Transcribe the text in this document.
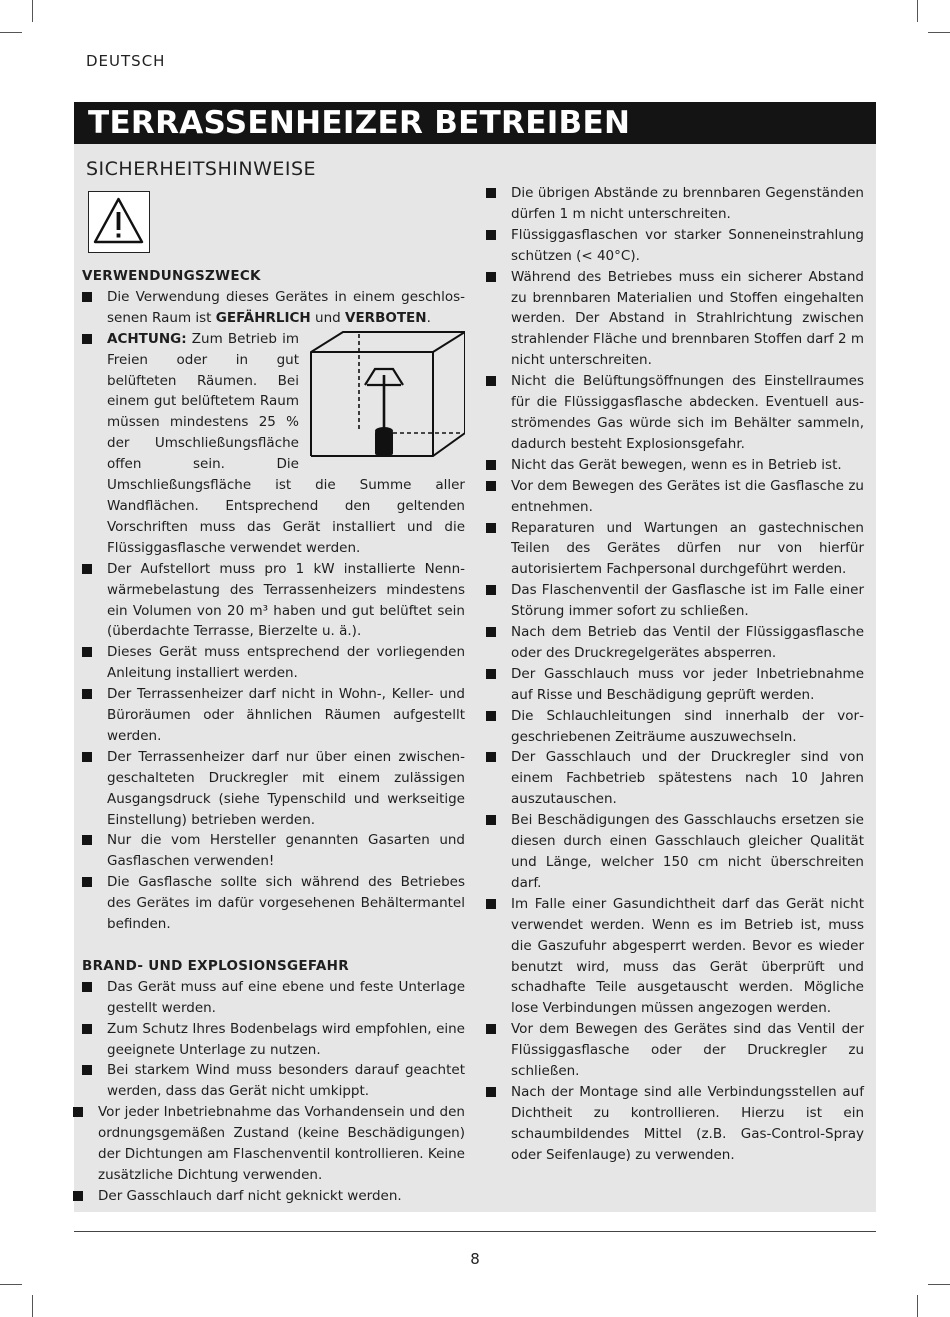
DEUTSCH
TERRASSENHEIZER BETREIBEN
SICHERHEITSHINWEISE

VERWENDUNGSZWECK

Die Verwendung dieses Gerätes in einem geschlossenen Raum ist GEFÄHRLICH und VERBOTEN.

ACHTUNG: Zum Betrieb im Freien oder in gut belüfteten Räumen. Bei einem gut belüftetem Raum müssen mindestens 25 % der Umschließungsfläche offen sein. Die Umschließungsfläche ist die Summe aller Wandflächen. Entsprechend den geltenden Vorschriften muss das Gerät installiert und die Flüssiggasflasche verwendet werden.

Der Aufstellort muss pro 1 kW installierte Nennwärmebelastung des Terrassenheizers mindestens ein Volumen von 20 m³ haben und gut belüftet sein (überdachte Terrasse, Bierzelte u. ä.).

Dieses Gerät muss entsprechend der vorliegenden Anleitung installiert werden.

Der Terrassenheizer darf nicht in Wohn-, Keller- und Büroräumen oder ähnlichen Räumen aufgestellt werden.

Der Terrassenheizer darf nur über einen zwischengeschalteten Druckregler mit einem zulässigen Ausgangsdruck (siehe Typenschild und werkseitige Einstellung) betrieben werden.

Nur die vom Hersteller genannten Gasarten und Gasflaschen verwenden!

Die Gasflasche sollte sich während des Betriebes des Gerätes im dafür vorgesehenen Behältermantel befinden.

BRAND- UND EXPLOSIONSGEFAHR

Das Gerät muss auf eine ebene und feste Unterlage gestellt werden.

Zum Schutz Ihres Bodenbelags wird empfohlen, eine geeignete Unterlage zu nutzen.

Bei starkem Wind muss besonders darauf geachtet werden, dass das Gerät nicht umkippt.

Vor jeder Inbetriebnahme das Vorhandensein und den ordnungsgemäßen Zustand (keine Beschädigungen) der Dichtungen am Flaschenventil kontrollieren. Keine zusätzliche Dichtung verwenden.

Der Gasschlauch darf nicht geknickt werden.

Die übrigen Abstände zu brennbaren Gegenständen dürfen 1 m nicht unterschreiten.

Flüssiggasflaschen vor starker Sonneneinstrahlung schützen (< 40°C).

Während des Betriebes muss ein sicherer Abstand zu brennbaren Materialien und Stoffen eingehalten werden. Der Abstand in Strahlrichtung zwischen strahlender Fläche und brennbaren Stoffen darf 2 m nicht unterschreiten.

Nicht die Belüftungsöffnungen des Einstellraumes für die Flüssiggasflasche abdecken. Eventuell ausströmendes Gas würde sich im Behälter sammeln, dadurch besteht Explosionsgefahr.

Nicht das Gerät bewegen, wenn es in Betrieb ist.

Vor dem Bewegen des Gerätes ist die Gasflasche zu entnehmen.

Reparaturen und Wartungen an gastechnischen Teilen des Gerätes dürfen nur von hierfür autorisiertem Fachpersonal durchgeführt werden.

Das Flaschenventil der Gasflasche ist im Falle einer Störung immer sofort zu schließen.

Nach dem Betrieb das Ventil der Flüssiggasflasche oder des Druckregelgerätes absperren.

Der Gasschlauch muss vor jeder Inbetriebnahme auf Risse und Beschädigung geprüft werden.

Die Schlauchleitungen sind innerhalb der vorgeschriebenen Zeiträume auszuwechseln.

Der Gasschlauch und der Druckregler sind von einem Fachbetrieb spätestens nach 10 Jahren auszutauschen.

Bei Beschädigungen des Gasschlauchs ersetzen sie diesen durch einen Gasschlauch gleicher Qualität und Länge, welcher 150 cm nicht überschreiten darf.

Im Falle einer Gasundichtheit darf das Gerät nicht verwendet werden. Wenn es im Betrieb ist, muss die Gaszufuhr abgesperrt werden. Bevor es wieder benutzt wird, muss das Gerät überprüft und schadhafte Teile ausgetauscht werden. Mögliche lose Verbindungen müssen angezogen werden.

Vor dem Bewegen des Gerätes sind das Ventil der Flüssiggasflasche oder der Druckregler zu schließen.

Nach der Montage sind alle Verbindungsstellen auf Dichtheit zu kontrollieren. Hierzu ist ein schaumbildendes Mittel (z.B. Gas-Control-Spray oder Seifenlauge) zu verwenden.

8
